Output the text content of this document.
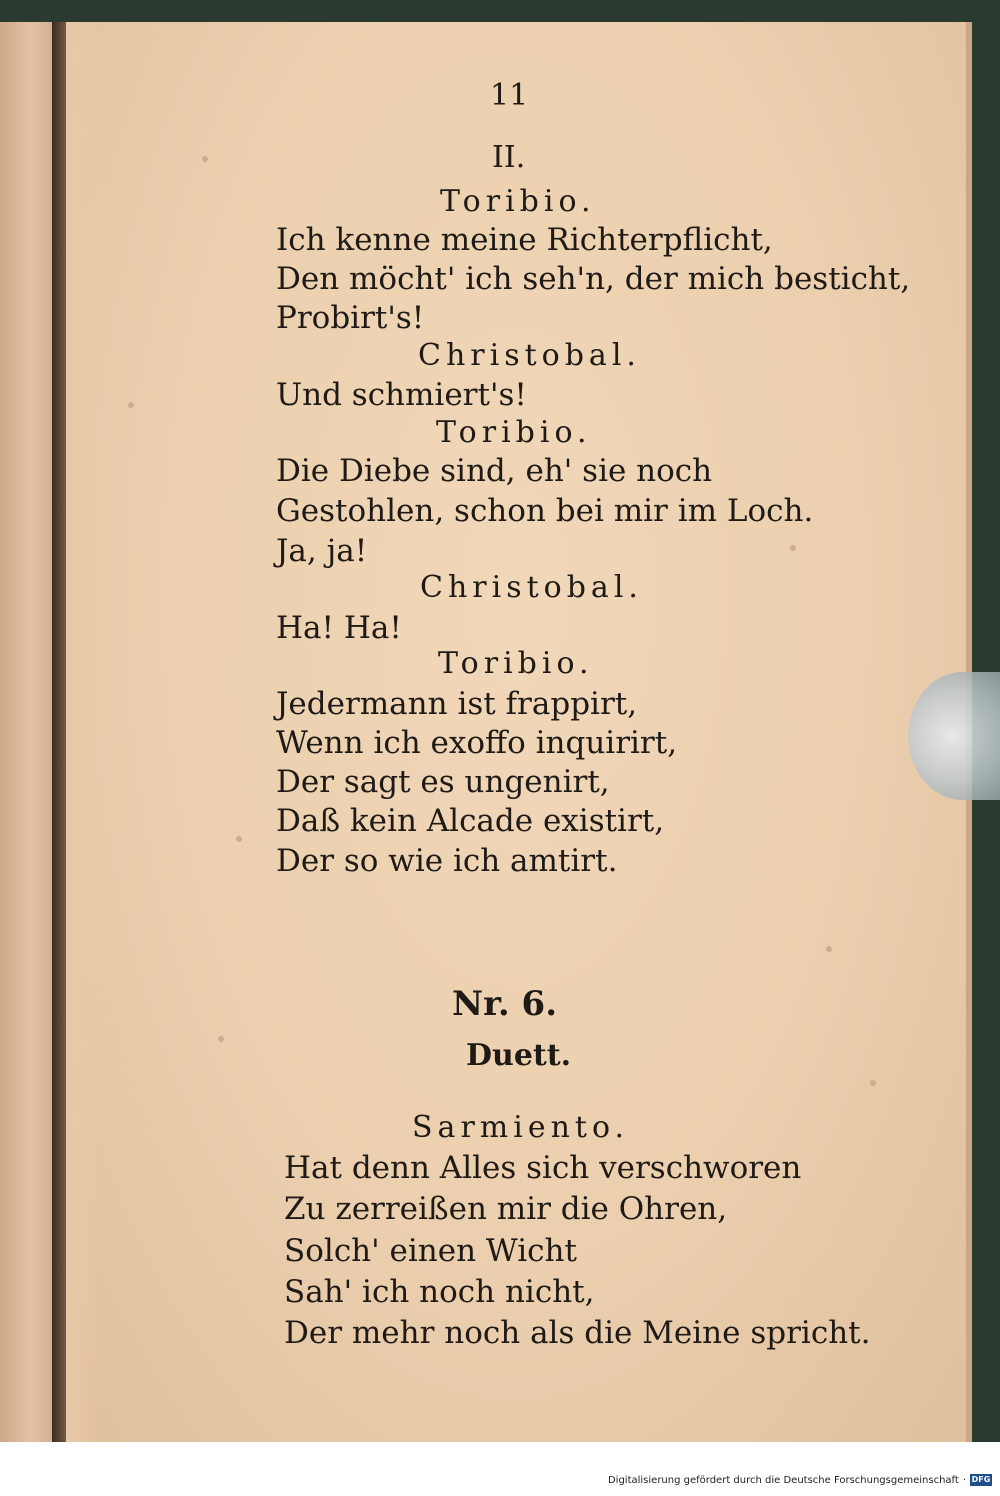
11
II.
Toribio.
Ich kenne meine Richterpflicht,
Den möcht' ich seh'n, der mich besticht,
Probirt's!
Christobal.
Und schmiert's!
Toribio.
Die Diebe sind, eh' sie noch
Gestohlen, schon bei mir im Loch.
Ja, ja!
Christobal.
Ha! Ha!
Toribio.
Jedermann ist frappirt,
Wenn ich exoffo inquirirt,
Der sagt es ungenirt,
Daß kein Alcade existirt,
Der so wie ich amtirt.
Nr. 6.
Duett.
Sarmiento.
Hat denn Alles sich verschworen
Zu zerreißen mir die Ohren,
Solch' einen Wicht
Sah' ich noch nicht,
Der mehr noch als die Meine spricht.
Digitalisierung gefördert durch die Deutsche Forschungsgemeinschaft · DFG
